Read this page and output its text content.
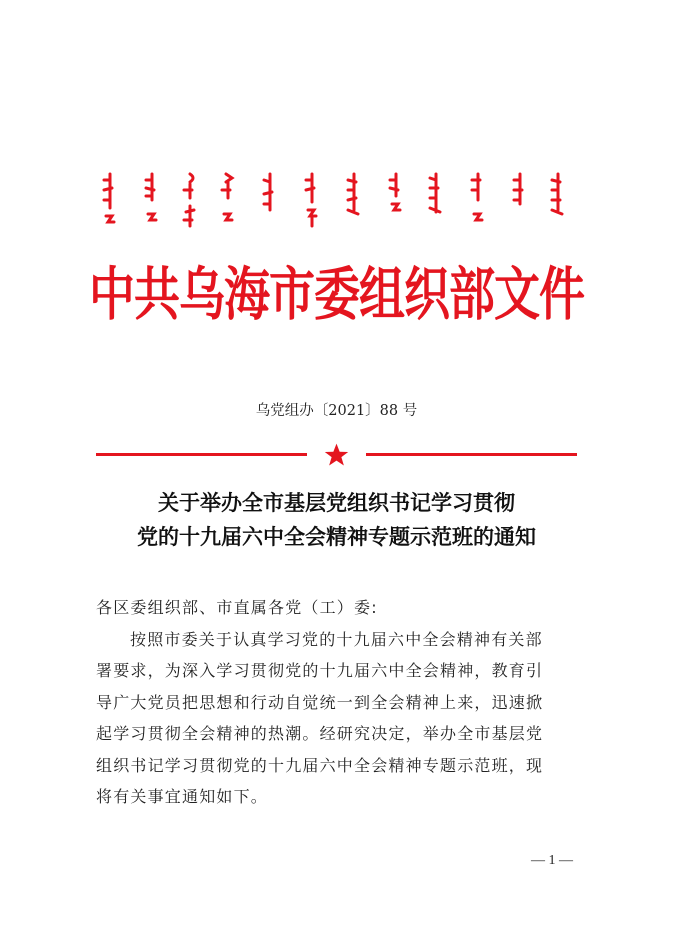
中共乌海市委组织部文件
乌党组办〔2021〕88 号
关于举办全市基层党组织书记学习贯彻
党的十九届六中全会精神专题示范班的通知
各区委组织部、市直属各党（工）委:
按照市委关于认真学习党的十九届六中全会精神有关部
署要求，为深入学习贯彻党的十九届六中全会精神，教育引
导广大党员把思想和行动自觉统一到全会精神上来，迅速掀
起学习贯彻全会精神的热潮。经研究决定，举办全市基层党
组织书记学习贯彻党的十九届六中全会精神专题示范班，现
将有关事宜通知如下。
— 1 —
